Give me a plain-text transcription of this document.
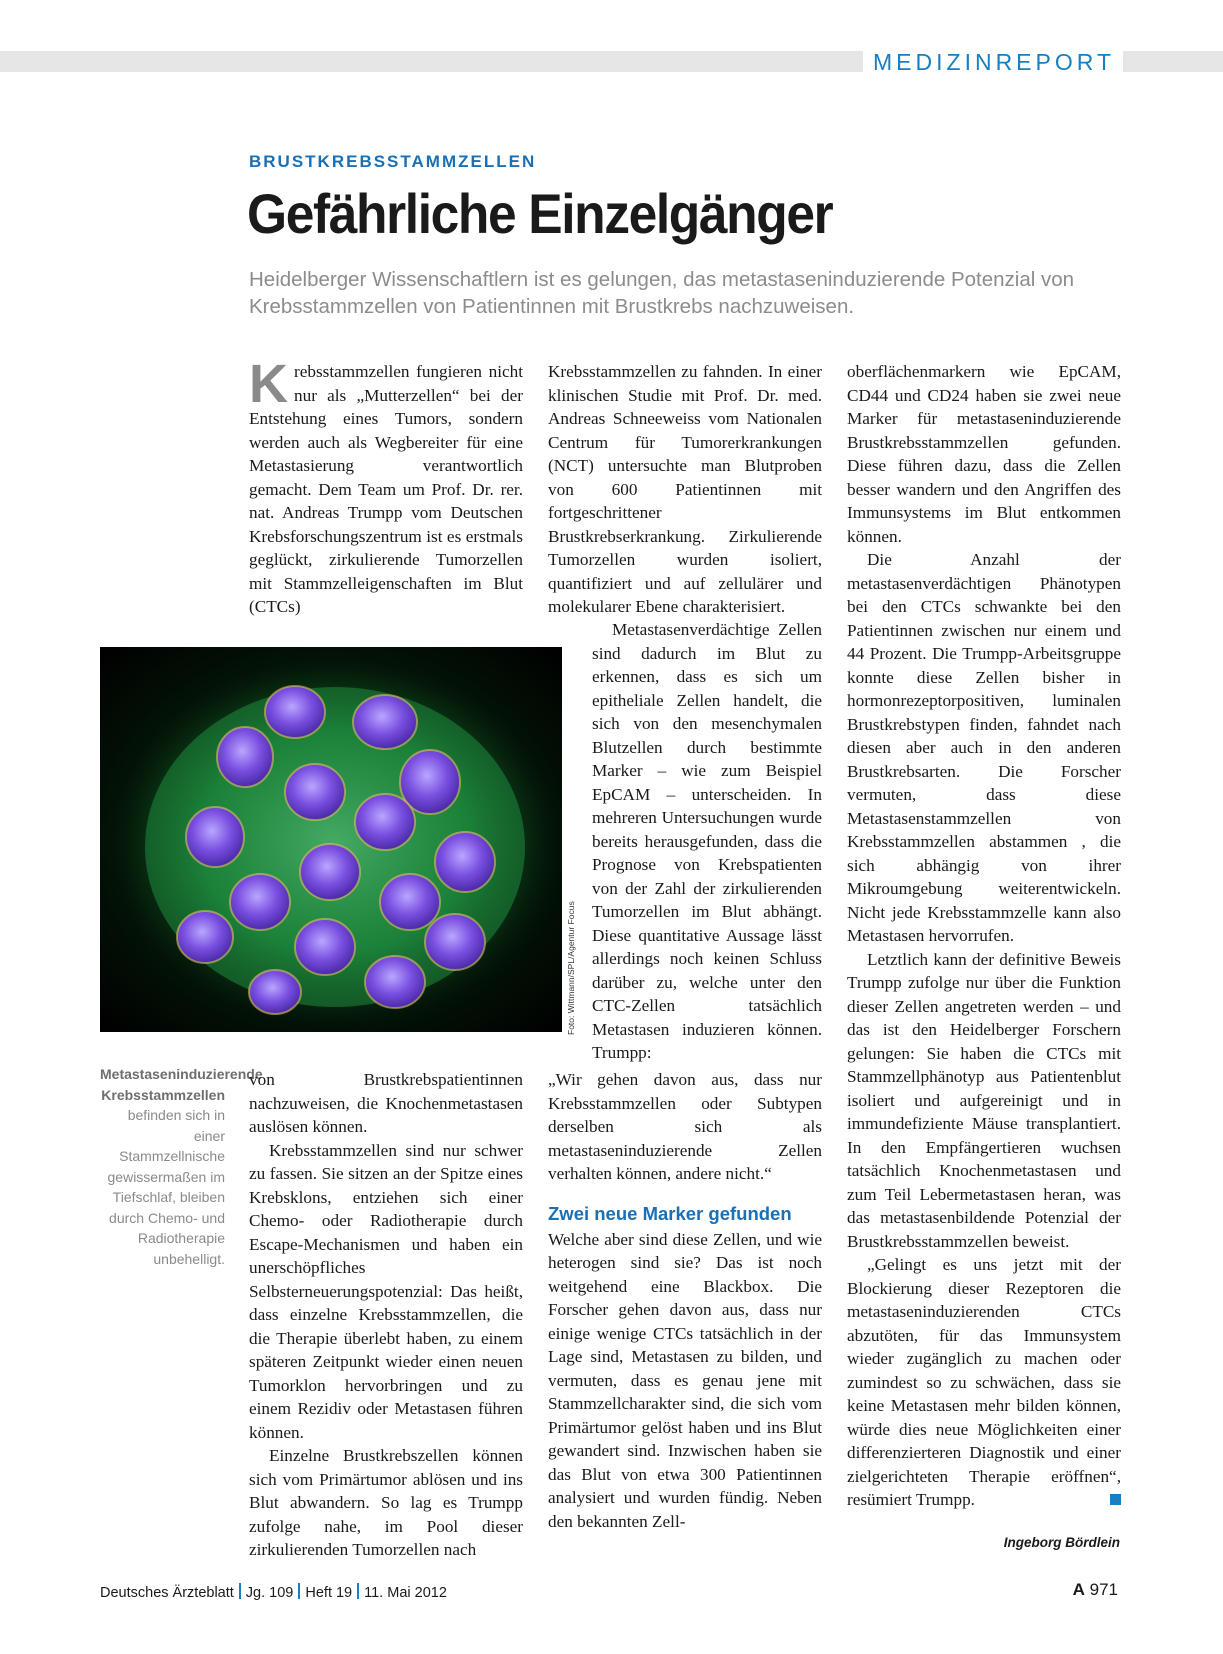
MEDIZINREPORT
BRUSTKREBSSTAMMZELLEN
Gefährliche Einzelgänger
Heidelberger Wissenschaftlern ist es gelungen, das metastaseninduzierende Potenzial von Krebsstammzellen von Patientinnen mit Brustkrebs nachzuweisen.

Krebsstammzellen fungieren nicht nur als „Mutterzellen“ bei der Entstehung eines Tumors, sondern werden auch als Wegbereiter für eine Metastasierung verantwortlich gemacht. Dem Team um Prof. Dr. rer. nat. Andreas Trumpp vom Deutschen Krebsforschungszentrum ist es erstmals geglückt, zirkulierende Tumorzellen mit Stammzelleigenschaften im Blut (CTCs)

Foto: Wittmann/SPL/Agentur Focus
Metastaseninduzierende Krebsstammzellen befinden sich in einer Stammzellnische gewissermaßen im Tiefschlaf, bleiben durch Chemo- und Radiotherapie unbehelligt.

von Brustkrebspatientinnen nachzuweisen, die Knochenmetastasen auslösen können.

Krebsstammzellen sind nur schwer zu fassen. Sie sitzen an der Spitze eines Krebsklons, entziehen sich einer Chemo- oder Radiotherapie durch Escape-Mechanismen und haben ein unerschöpfliches Selbsterneuerungspotenzial: Das heißt, dass einzelne Krebsstammzellen, die die Therapie überlebt haben, zu einem späteren Zeitpunkt wieder einen neuen Tumorklon hervorbringen und zu einem Rezidiv oder Metastasen führen können.

Einzelne Brustkrebszellen können sich vom Primärtumor ablösen und ins Blut abwandern. So lag es Trumpp zufolge nahe, im Pool dieser zirkulierenden Tumorzellen nach

Krebsstammzellen zu fahnden. In einer klinischen Studie mit Prof. Dr. med. Andreas Schneeweiss vom Nationalen Centrum für Tumorerkrankungen (NCT) untersuchte man Blutproben von 600 Patientinnen mit fortgeschrittener Brustkrebserkrankung. Zirkulierende Tumorzellen wurden isoliert, quantifiziert und auf zellulärer und molekularer Ebene charakterisiert.

Metastasenverdächtige Zellen sind dadurch im Blut zu erkennen, dass es sich um epitheliale Zellen handelt, die sich von den mesenchymalen Blutzellen durch bestimmte Marker – wie zum Beispiel EpCAM – unterscheiden. In mehreren Untersuchungen wurde bereits herausgefunden, dass die Prognose von Krebspatienten von der Zahl der zirkulierenden Tumorzellen im Blut abhängt. Diese quantitative Aussage lässt allerdings noch keinen Schluss darüber zu, welche unter den CTC-Zellen tatsächlich Metastasen induzieren können. Trumpp:

„Wir gehen davon aus, dass nur Krebsstammzellen oder Subtypen derselben sich als metastaseninduzierende Zellen verhalten können, andere nicht.“

Zwei neue Marker gefunden

Welche aber sind diese Zellen, und wie heterogen sind sie? Das ist noch weitgehend eine Blackbox. Die Forscher gehen davon aus, dass nur einige wenige CTCs tatsächlich in der Lage sind, Metastasen zu bilden, und vermuten, dass es genau jene mit Stammzellcharakter sind, die sich vom Primärtumor gelöst haben und ins Blut gewandert sind. Inzwischen haben sie das Blut von etwa 300 Patientinnen analysiert und wurden fündig. Neben den bekannten Zell-

oberflächenmarkern wie EpCAM, CD44 und CD24 haben sie zwei neue Marker für metastaseninduzierende Brustkrebsstammzellen gefunden. Diese führen dazu, dass die Zellen besser wandern und den Angriffen des Immunsystems im Blut entkommen können.

Die Anzahl der metastasenverdächtigen Phänotypen bei den CTCs schwankte bei den Patientinnen zwischen nur einem und 44 Prozent. Die Trumpp-Arbeitsgruppe konnte diese Zellen bisher in hormonrezeptorpositiven, luminalen Brustkrebstypen finden, fahndet nach diesen aber auch in den anderen Brustkrebsarten. Die Forscher vermuten, dass diese Metastasenstammzellen von Krebsstammzellen abstammen , die sich abhängig von ihrer Mikroumgebung weiterentwickeln. Nicht jede Krebsstammzelle kann also Metastasen hervorrufen.

Letztlich kann der definitive Beweis Trumpp zufolge nur über die Funktion dieser Zellen angetreten werden – und das ist den Heidelberger Forschern gelungen: Sie haben die CTCs mit Stammzellphänotyp aus Patientenblut isoliert und aufgereinigt und in immundefiziente Mäuse transplantiert. In den Empfängertieren wuchsen tatsächlich Knochenmetastasen und zum Teil Lebermetastasen heran, was das metastasenbildende Potenzial der Brustkrebsstammzellen beweist.

„Gelingt es uns jetzt mit der Blockierung dieser Rezeptoren die metastaseninduzierenden CTCs abzutöten, für das Immunsystem wieder zugänglich zu machen oder zumindest so zu schwächen, dass sie keine Metastasen mehr bilden können, würde dies neue Möglichkeiten einer differenzierteren Diagnostik und einer zielgerichteten Therapie eröffnen“, resümiert Trumpp.

Ingeborg Bördlein
Deutsches Ärzteblatt Jg. 109 Heft 19 11. Mai 2012	A 971
